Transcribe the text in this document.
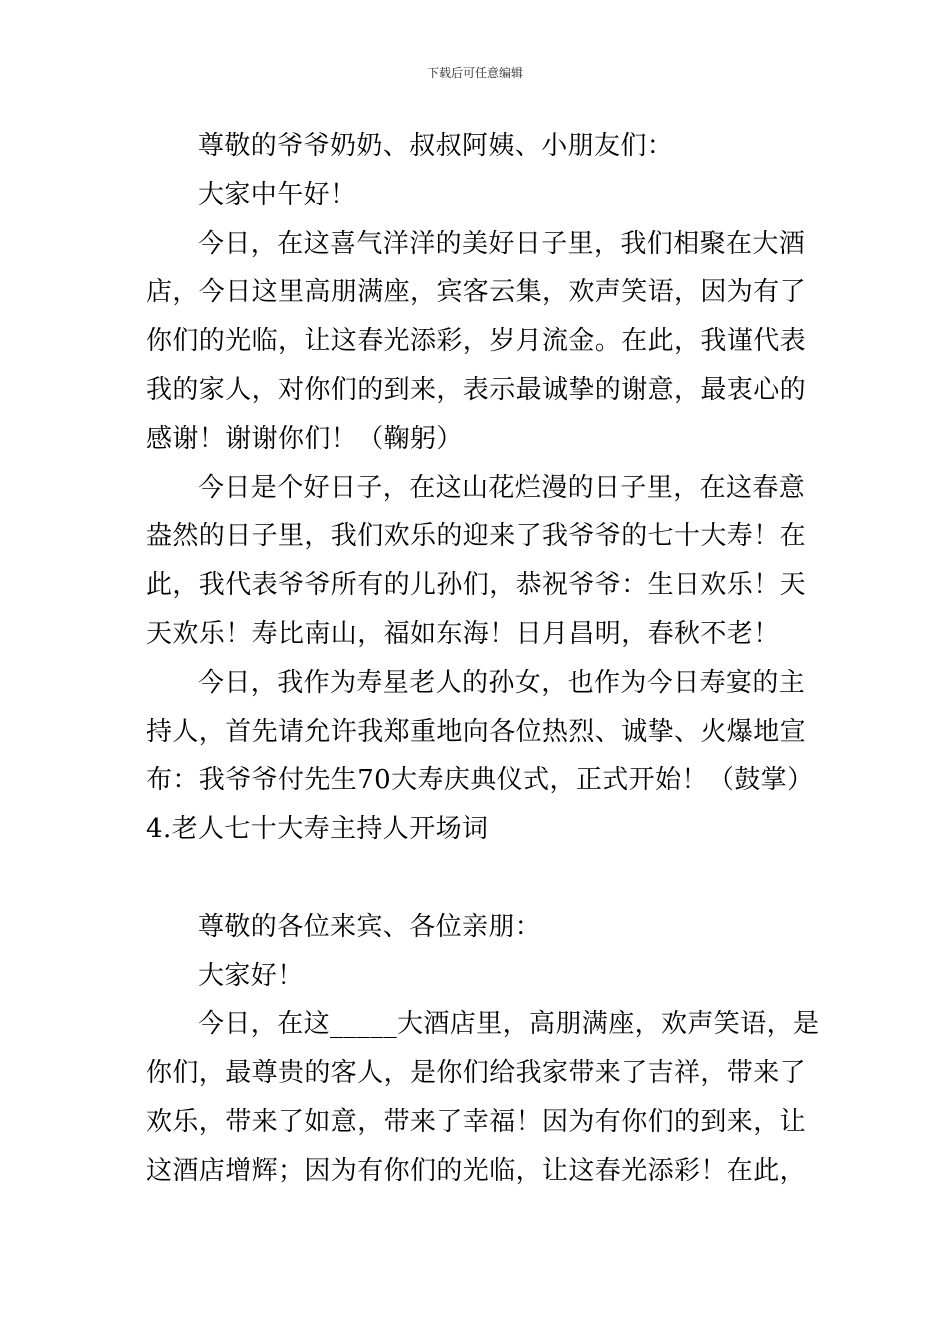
下载后可任意编辑
尊敬的爷爷奶奶、叔叔阿姨、小朋友们：
大家中午好！
今日，在这喜气洋洋的美好日子里，我们相聚在大酒
店，今日这里高朋满座，宾客云集，欢声笑语，因为有了
你们的光临，让这春光添彩，岁月流金。在此，我谨代表
我的家人，对你们的到来，表示最诚挚的谢意，最衷心的
感谢！谢谢你们！（鞠躬）
今日是个好日子，在这山花烂漫的日子里，在这春意
盎然的日子里，我们欢乐的迎来了我爷爷的七十大寿！在
此，我代表爷爷所有的儿孙们，恭祝爷爷：生日欢乐！天
天欢乐！寿比南山，福如东海！日月昌明，春秋不老！
今日，我作为寿星老人的孙女，也作为今日寿宴的主
持人，首先请允许我郑重地向各位热烈、诚挚、火爆地宣
布：我爷爷付先生70大寿庆典仪式，正式开始！（鼓掌）
4.老人七十大寿主持人开场词
尊敬的各位来宾、各位亲朋：
大家好！
今日，在这_____大酒店里，高朋满座，欢声笑语，是
你们，最尊贵的客人，是你们给我家带来了吉祥，带来了
欢乐，带来了如意，带来了幸福！因为有你们的到来，让
这酒店增辉；因为有你们的光临，让这春光添彩！在此，
